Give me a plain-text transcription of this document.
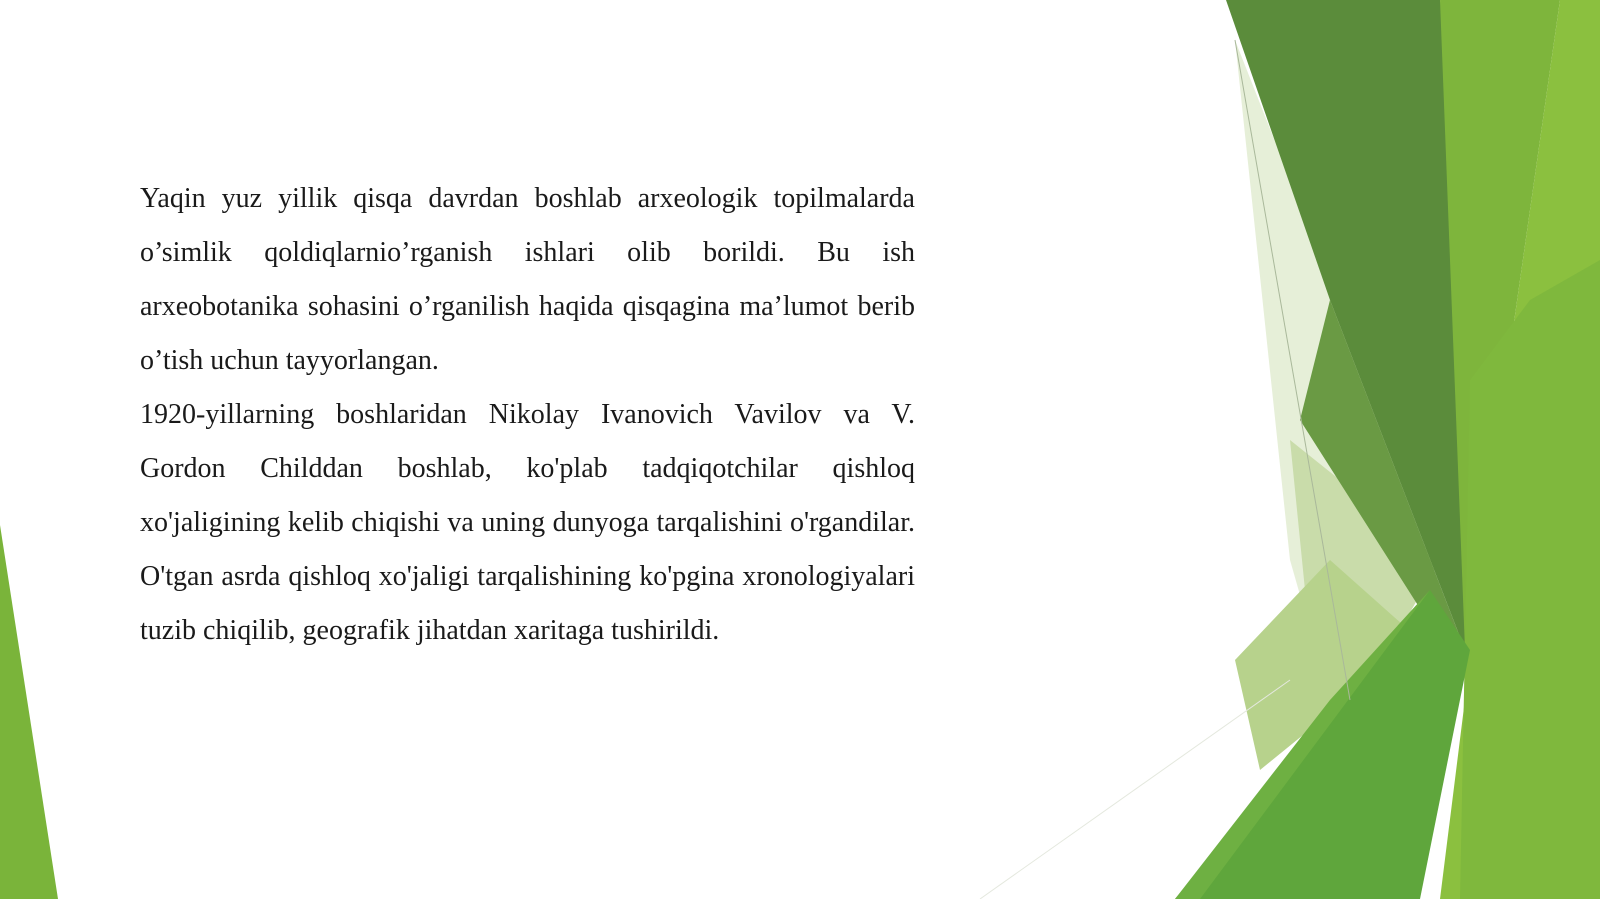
Yaqin yuz yillik qisqa davrdan boshlab arxeologik topilmalarda o’simlik qoldiqlarnio’rganish ishlari olib borildi. Bu ish arxeobotanika sohasini o’rganilish haqida qisqagina ma’lumot berib o’tish uchun tayyorlangan.

1920-yillarning boshlaridan Nikolay Ivanovich Vavilov va V. Gordon Childdan boshlab, ko'plab tadqiqotchilar qishloq xo'jaligining kelib chiqishi va uning dunyoga tarqalishini o'rgandilar. O'tgan asrda qishloq xo'jaligi tarqalishining ko'pgina xronologiyalari tuzib chiqilib, geografik jihatdan xaritaga tushirildi.
